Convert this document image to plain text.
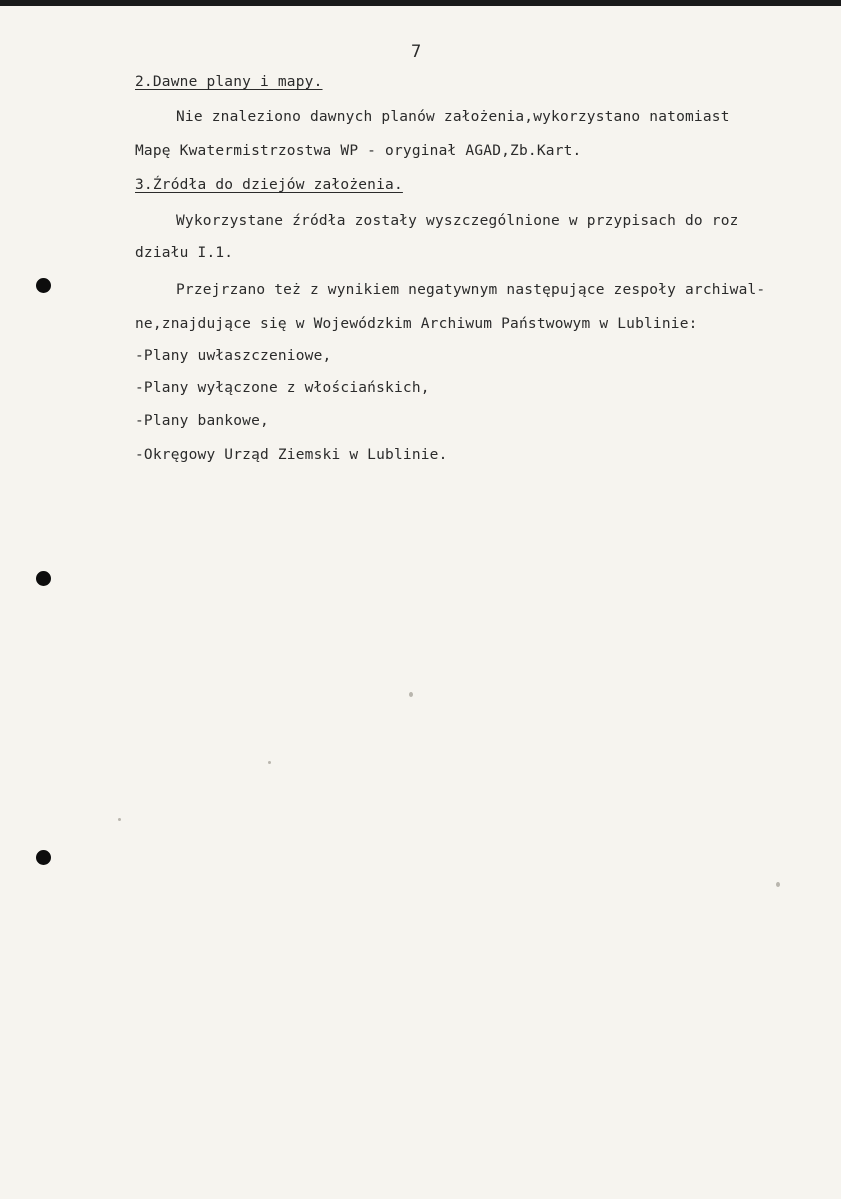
7
2.Dawne plany i mapy.
Nie znaleziono dawnych planów założenia,wykorzystano natomiast
Mapę Kwatermistrzostwa WP - oryginał AGAD,Zb.Kart.
3.Źródła do dziejów założenia.
Wykorzystane źródła zostały wyszczególnione w przypisach do roz
działu I.1.
Przejrzano też z wynikiem negatywnym następujące zespoły archiwal-
ne,znajdujące się w Wojewódzkim Archiwum Państwowym w Lublinie:
-Plany uwłaszczeniowe,
-Plany wyłączone z włościańskich,
-Plany bankowe,
-Okręgowy Urząd Ziemski w Lublinie.
